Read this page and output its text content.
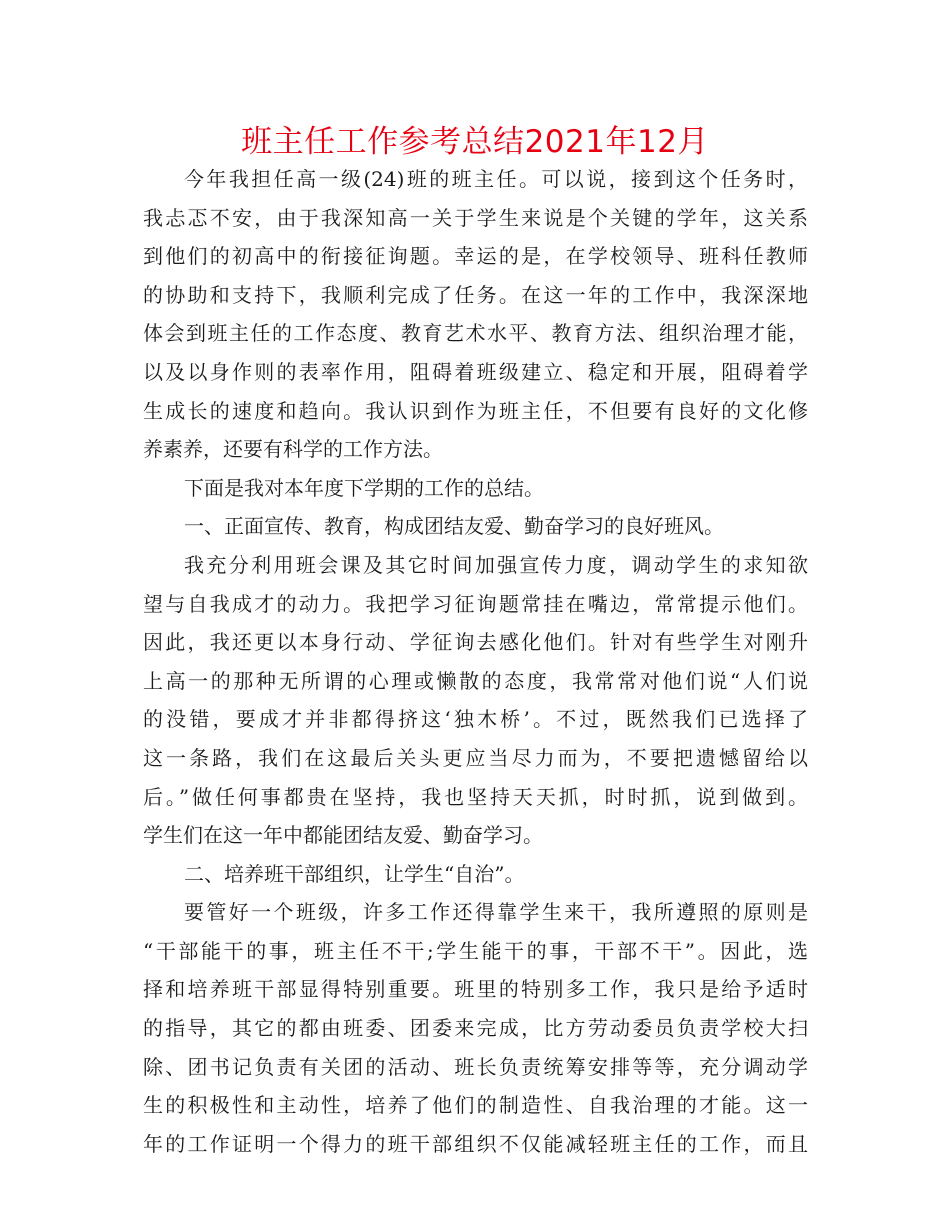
班主任工作参考总结2021年12月
今年我担任高一级(24)班的班主任。可以说，接到这个任务时，
我忐忑不安，由于我深知高一关于学生来说是个关键的学年，这关系
到他们的初高中的衔接征询题。幸运的是，在学校领导、班科任教师
的协助和支持下，我顺利完成了任务。在这一年的工作中，我深深地
体会到班主任的工作态度、教育艺术水平、教育方法、组织治理才能，
以及以身作则的表率作用，阻碍着班级建立、稳定和开展，阻碍着学
生成长的速度和趋向。我认识到作为班主任，不但要有良好的文化修
养素养，还要有科学的工作方法。
下面是我对本年度下学期的工作的总结。
一、正面宣传、教育，构成团结友爱、勤奋学习的良好班风。
我充分利用班会课及其它时间加强宣传力度，调动学生的求知欲
望与自我成才的动力。我把学习征询题常挂在嘴边，常常提示他们。
因此，我还更以本身行动、学征询去感化他们。针对有些学生对刚升
上高一的那种无所谓的心理或懒散的态度，我常常对他们说“人们说
的没错，要成才并非都得挤这‘独木桥’。不过，既然我们已选择了
这一条路，我们在这最后关头更应当尽力而为，不要把遗憾留给以
后。”做任何事都贵在坚持，我也坚持天天抓，时时抓，说到做到。
学生们在这一年中都能团结友爱、勤奋学习。
二、培养班干部组织，让学生“自治”。
要管好一个班级，许多工作还得靠学生来干，我所遵照的原则是
“干部能干的事，班主任不干;学生能干的事，干部不干”。因此，选
择和培养班干部显得特别重要。班里的特别多工作，我只是给予适时
的指导，其它的都由班委、团委来完成，比方劳动委员负责学校大扫
除、团书记负责有关团的活动、班长负责统筹安排等等，充分调动学
生的积极性和主动性，培养了他们的制造性、自我治理的才能。这一
年的工作证明一个得力的班干部组织不仅能减轻班主任的工作，而且
